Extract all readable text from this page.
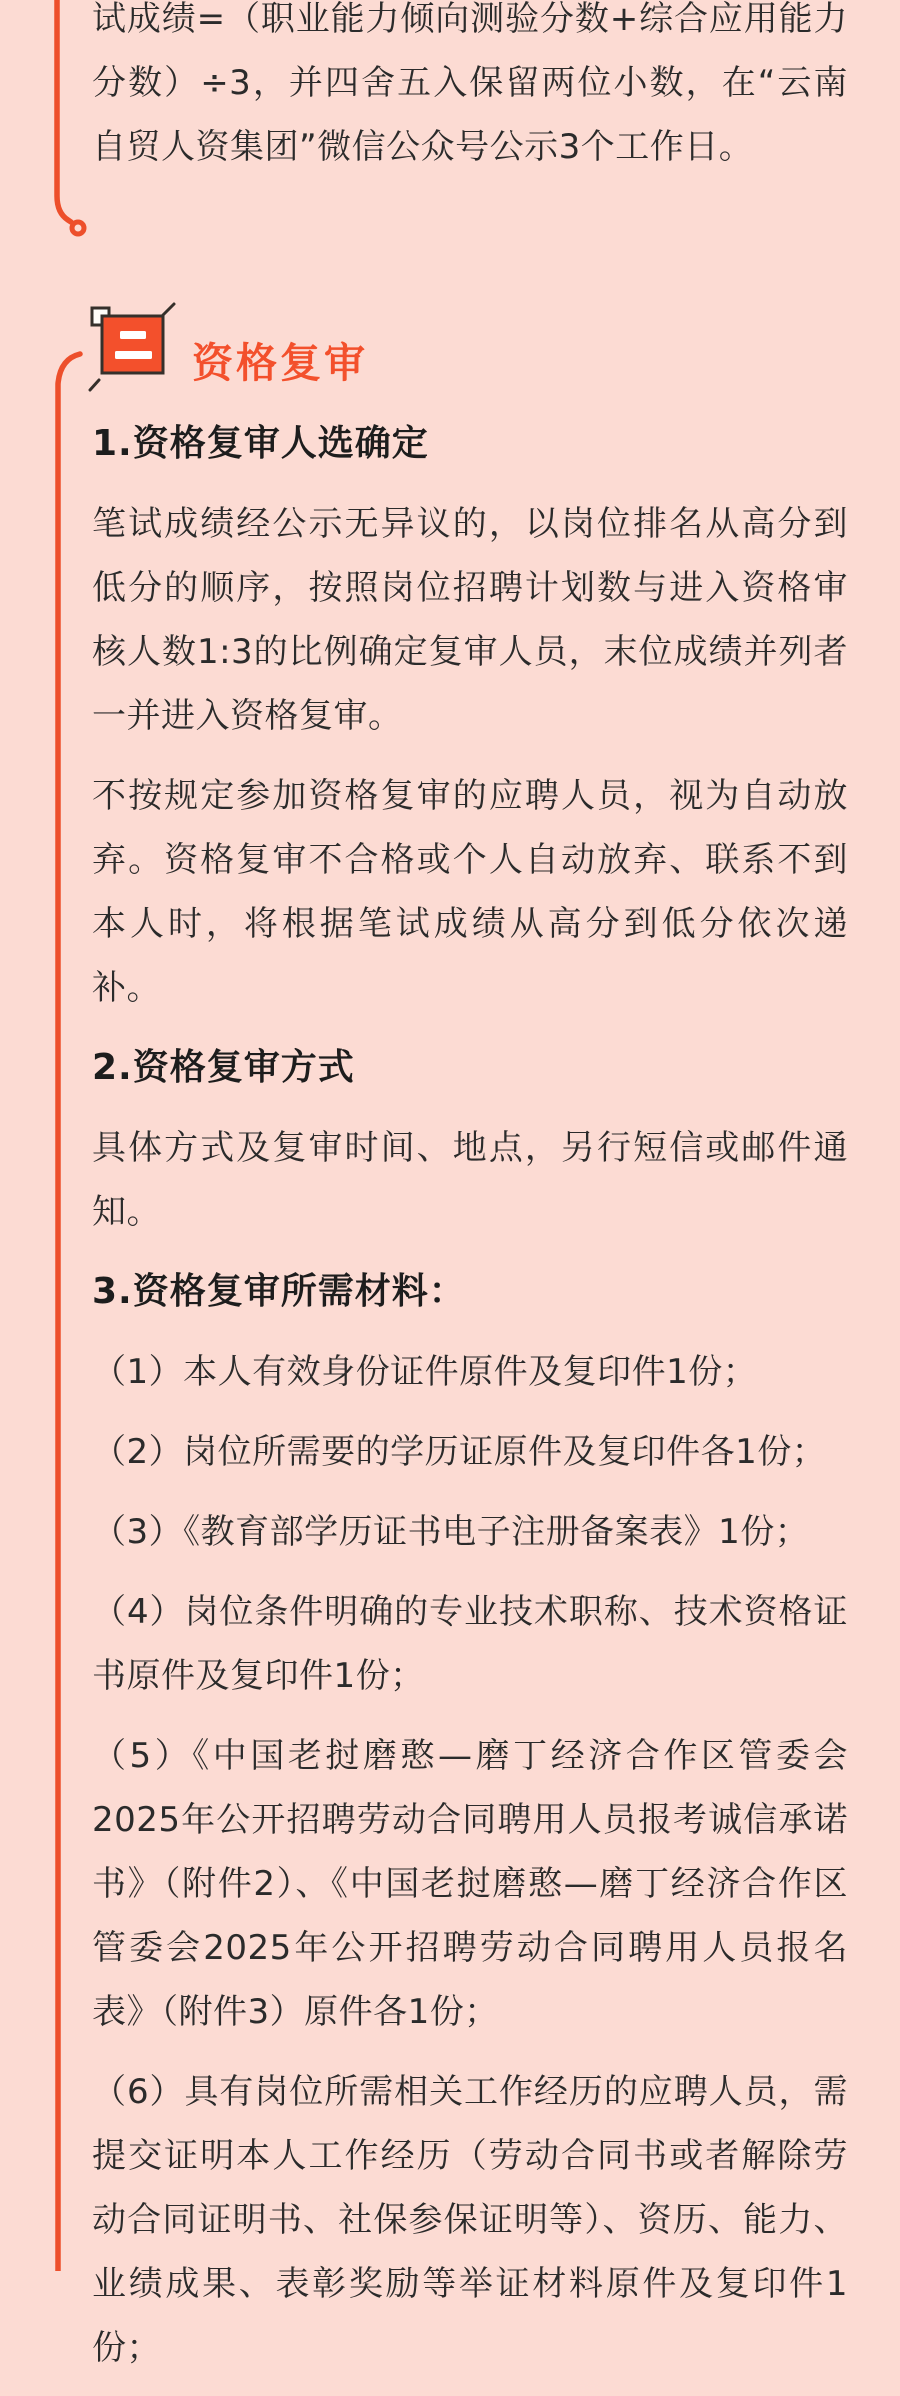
试成绩=（职业能力倾向测验分数+综合应用能力分数）÷3，并四舍五入保留两位小数，在“云南自贸人资集团”微信公众号公示3个工作日。

资格复审
1.资格复审人选确定

笔试成绩经公示无异议的，以岗位排名从高分到低分的顺序，按照岗位招聘计划数与进入资格审核人数1:3的比例确定复审人员，末位成绩并列者一并进入资格复审。

不按规定参加资格复审的应聘人员，视为自动放弃。资格复审不合格或个人自动放弃、联系不到本人时，将根据笔试成绩从高分到低分依次递补。

2.资格复审方式

具体方式及复审时间、地点，另行短信或邮件通知。

3.资格复审所需材料：

（1）本人有效身份证件原件及复印件1份；

（2）岗位所需要的学历证原件及复印件各1份；

（3）《教育部学历证书电子注册备案表》1份；

（4）岗位条件明确的专业技术职称、技术资格证书原件及复印件1份；

（5）《中国老挝磨憨—磨丁经济合作区管委会2025年公开招聘劳动合同聘用人员报考诚信承诺书》（附件2）、《中国老挝磨憨—磨丁经济合作区管委会2025年公开招聘劳动合同聘用人员报名表》（附件3）原件各1份；

（6）具有岗位所需相关工作经历的应聘人员，需提交证明本人工作经历（劳动合同书或者解除劳动合同证明书、社保参保证明等）、资历、能力、业绩成果、表彰奖励等举证材料原件及复印件1份；
